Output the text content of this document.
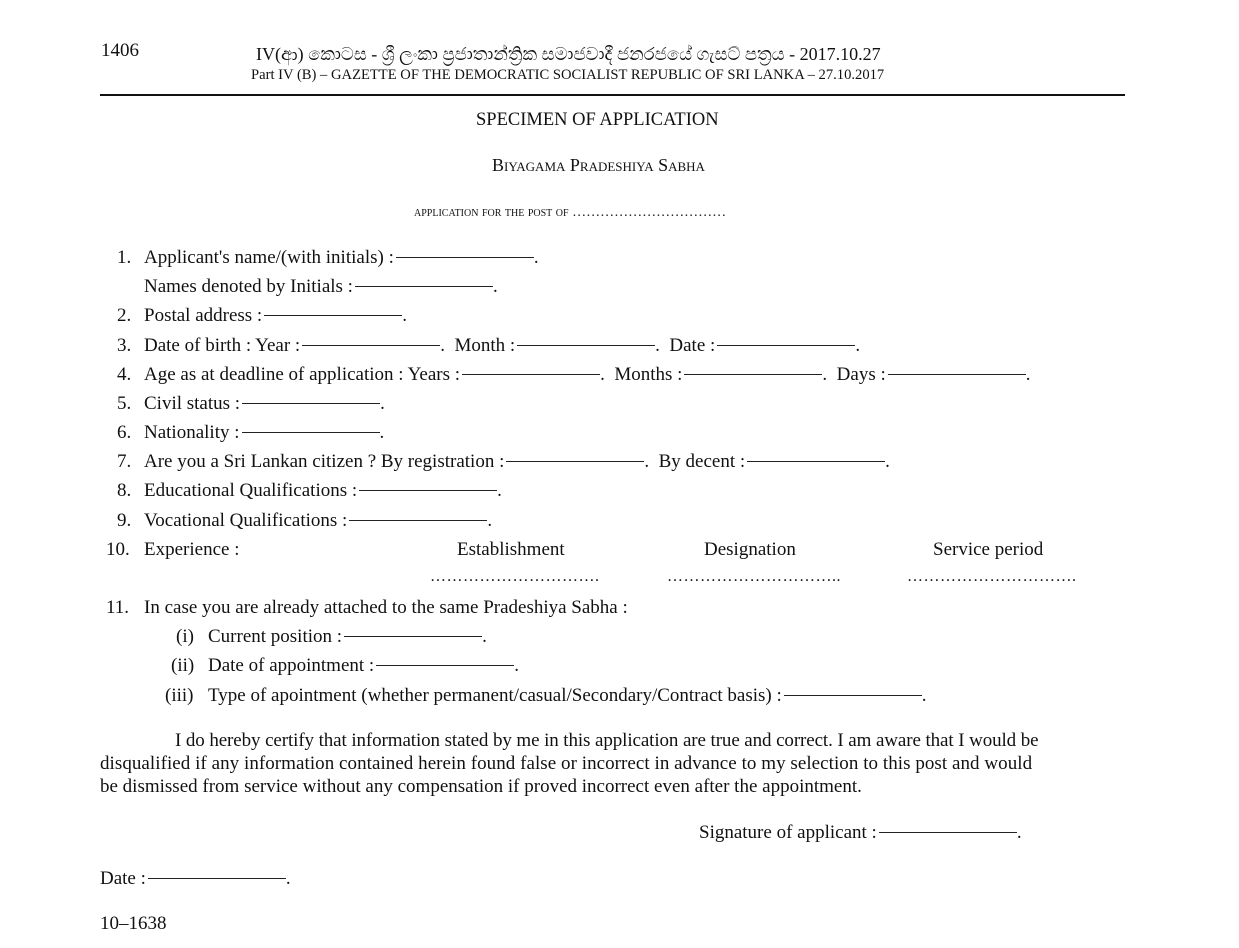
1406	IV(ආ) කොටස - ශ්‍රී ලංකා ප්‍රජාතාන්ත්‍රික සමාජවාදී ජනරජයේ ගැසට් පත්‍රය - 2017.10.27
Part IV (B) – GAZETTE OF THE DEMOCRATIC SOCIALIST REPUBLIC OF SRI LANKA – 27.10.2017
SPECIMEN OF APPLICATION
Biyagama Pradeshiya Sabha
application for the post of ……………………………
1. Applicant's name/(with initials) :	.
Names denoted by Initials :	.
2. Postal address :	.
3. Date of birth : Year :	.  Month :	.  Date :	.
4. Age as at deadline of application : Years :	.  Months :	.  Days :	.
5. Civil status :	.
6. Nationality :	.
7. Are you a Sri Lankan citizen ? By registration :	.  By decent :	.
8. Educational Qualifications :	.
9. Vocational Qualifications :	.
10. Experience :	Establishment	Designation	Service period
………………………….	…………………………..	………………………….
11. In case you are already attached to the same Pradeshiya Sabha :
(i) Current position :	.
(ii) Date of appointment :	.
(iii) Type of apointment (whether permanent/casual/Secondary/Contract basis) :	.
I do hereby certify that information stated by me in this application are true and correct. I am aware that I would be
disqualified if any information contained herein found false or incorrect in advance to my selection to this post and would
be dismissed from service without any compensation if proved incorrect even after the appointment.
Signature of applicant :	.
Date :	.
10–1638
